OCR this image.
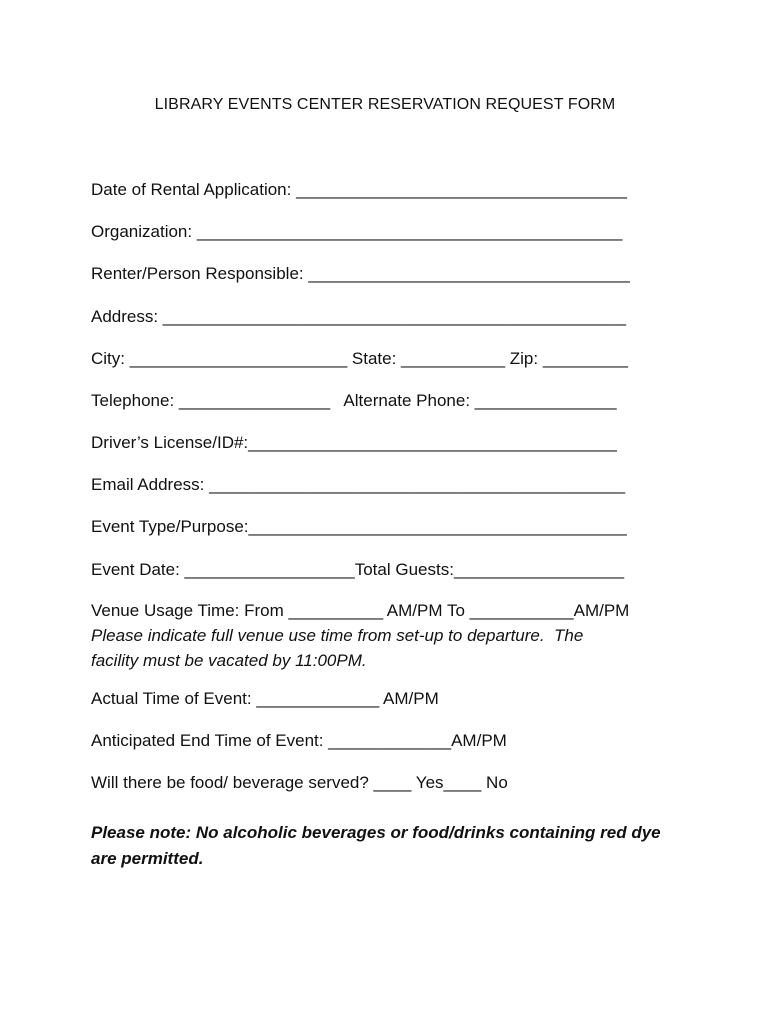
LIBRARY EVENTS CENTER RESERVATION REQUEST FORM
Date of Rental Application: ___________________________________
Organization: _____________________________________________
Renter/Person Responsible: __________________________________
Address: _________________________________________________
City: _______________________ State: ___________ Zip: _________
Telephone: ________________   Alternate Phone: _______________
Driver’s License/ID#:_______________________________________
Email Address: ____________________________________________
Event Type/Purpose:________________________________________
Event Date: __________________Total Guests:__________________
Venue Usage Time: From __________ AM/PM To ___________AM/PM
Please indicate full venue use time from set-up to departure.  The
facility must be vacated by 11:00PM.
Actual Time of Event: _____________ AM/PM
Anticipated End Time of Event: _____________AM/PM
Will there be food/ beverage served? ____ Yes____ No
Please note: No alcoholic beverages or food/drinks containing red dye
are permitted.
